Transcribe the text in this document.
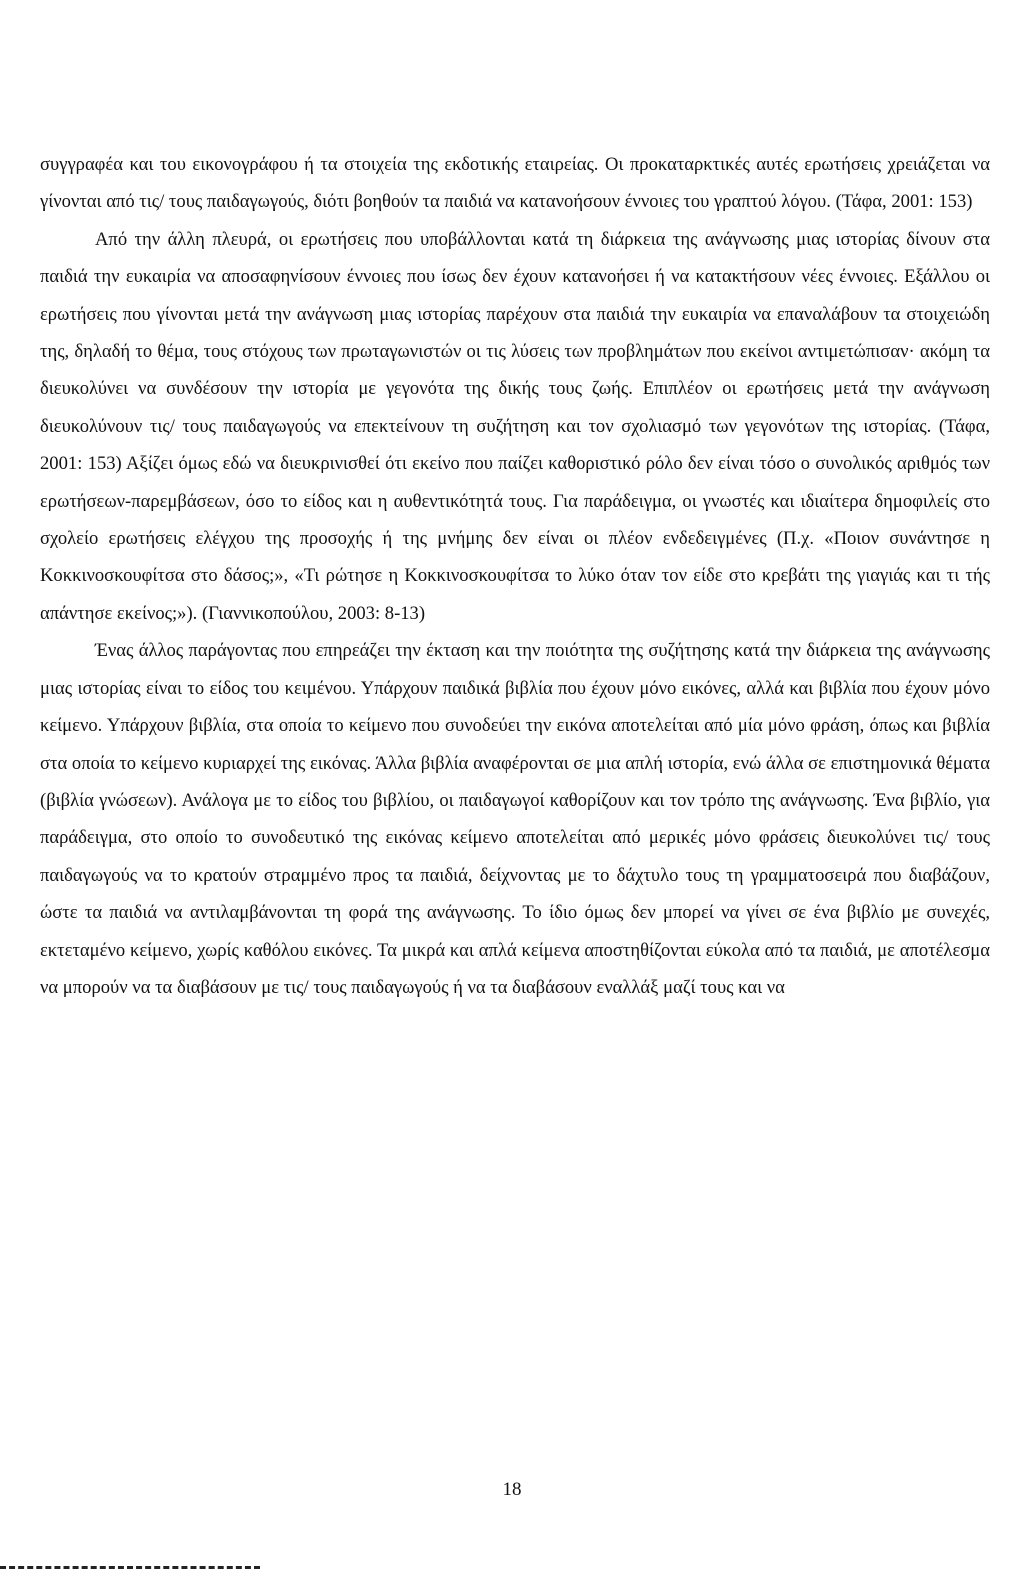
συγγραφέα και του εικονογράφου ή τα στοιχεία της εκδοτικής εταιρείας. Οι προκαταρκτικές αυτές ερωτήσεις χρειάζεται να γίνονται από τις/ τους παιδαγωγούς, διότι βοηθούν τα παιδιά να κατανοήσουν έννοιες του γραπτού λόγου. (Τάφα, 2001: 153)

Από την άλλη πλευρά, οι ερωτήσεις που υποβάλλονται κατά τη διάρκεια της ανάγνωσης μιας ιστορίας δίνουν στα παιδιά την ευκαιρία να αποσαφηνίσουν έννοιες που ίσως δεν έχουν κατανοήσει ή να κατακτήσουν νέες έννοιες. Εξάλλου οι ερωτήσεις που γίνονται μετά την ανάγνωση μιας ιστορίας παρέχουν στα παιδιά την ευκαιρία να επαναλάβουν τα στοιχειώδη της, δηλαδή το θέμα, τους στόχους των πρωταγωνιστών οι τις λύσεις των προβλημάτων που εκείνοι αντιμετώπισαν· ακόμη τα διευκολύνει να συνδέσουν την ιστορία με γεγονότα της δικής τους ζωής. Επιπλέον οι ερωτήσεις μετά την ανάγνωση διευκολύνουν τις/ τους παιδαγωγούς να επεκτείνουν τη συζήτηση και τον σχολιασμό των γεγονότων της ιστορίας. (Τάφα, 2001: 153) Αξίζει όμως εδώ να διευκρινισθεί ότι εκείνο που παίζει καθοριστικό ρόλο δεν είναι τόσο ο συνολικός αριθμός των ερωτήσεων-παρεμβάσεων, όσο το είδος και η αυθεντικότητά τους. Για παράδειγμα, οι γνωστές και ιδιαίτερα δημοφιλείς στο σχολείο ερωτήσεις ελέγχου της προσοχής ή της μνήμης δεν είναι οι πλέον ενδεδειγμένες (Π.χ. «Ποιον συνάντησε η Κοκκινοσκουφίτσα στο δάσος;», «Τι ρώτησε η Κοκκινοσκουφίτσα το λύκο όταν τον είδε στο κρεβάτι της γιαγιάς και τι τής απάντησε εκείνος;»). (Γιαννικοπούλου, 2003: 8-13)

Ένας άλλος παράγοντας που επηρεάζει την έκταση και την ποιότητα της συζήτησης κατά την διάρκεια της ανάγνωσης μιας ιστορίας είναι το είδος του κειμένου. Υπάρχουν παιδικά βιβλία που έχουν μόνο εικόνες, αλλά και βιβλία που έχουν μόνο κείμενο. Υπάρχουν βιβλία, στα οποία το κείμενο που συνοδεύει την εικόνα αποτελείται από μία μόνο φράση, όπως και βιβλία στα οποία το κείμενο κυριαρχεί της εικόνας. Άλλα βιβλία αναφέρονται σε μια απλή ιστορία, ενώ άλλα σε επιστημονικά θέματα (βιβλία γνώσεων). Ανάλογα με το είδος του βιβλίου, οι παιδαγωγοί καθορίζουν και τον τρόπο της ανάγνωσης. Ένα βιβλίο, για παράδειγμα, στο οποίο το συνοδευτικό της εικόνας κείμενο αποτελείται από μερικές μόνο φράσεις διευκολύνει τις/ τους παιδαγωγούς να το κρατούν στραμμένο προς τα παιδιά, δείχνοντας με το δάχτυλο τους τη γραμματοσειρά που διαβάζουν, ώστε τα παιδιά να αντιλαμβάνονται τη φορά της ανάγνωσης. Το ίδιο όμως δεν μπορεί να γίνει σε ένα βιβλίο με συνεχές, εκτεταμένο κείμενο, χωρίς καθόλου εικόνες. Τα μικρά και απλά κείμενα αποστηθίζονται εύκολα από τα παιδιά, με αποτέλεσμα να μπορούν να τα διαβάσουν με τις/ τους παιδαγωγούς ή να τα διαβάσουν εναλλάξ μαζί τους και να

18
